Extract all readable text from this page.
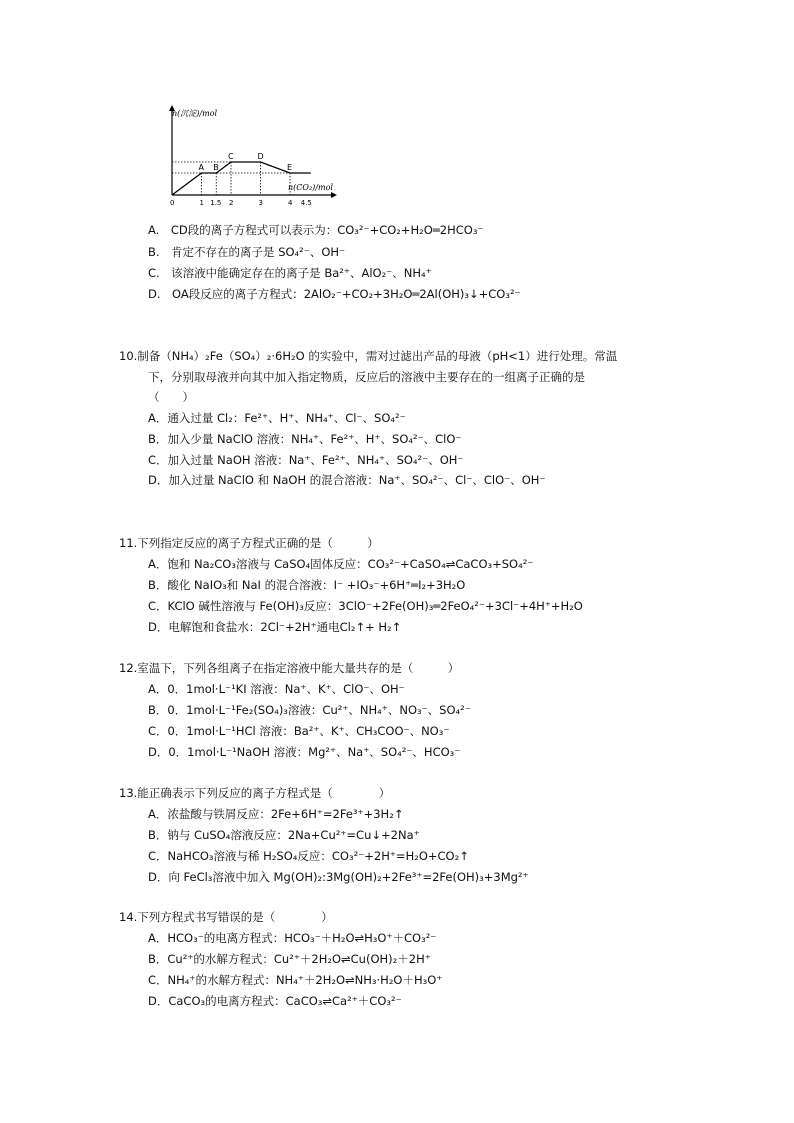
A B
C	D
E
0	1 1.5 2	3	4 4.5
n(沉淀)/mol
n(CO₂)/mol
A.　CD段的离子方程式可以表示为：CO₃²⁻+CO₂+H₂O═2HCO₃⁻
B.　肯定不存在的离子是 SO₄²⁻、OH⁻
C.　该溶液中能确定存在的离子是 Ba²⁺、AlO₂⁻、NH₄⁺
D.　OA段反应的离子方程式：2AlO₂⁻+CO₂+3H₂O═2Al(OH)₃↓+CO₃²⁻
10.制备（NH₄）₂Fe（SO₄）₂·6H₂O 的实验中，需对过滤出产品的母液（pH<1）进行处理。常温
下，分别取母液并向其中加入指定物质，反应后的溶液中主要存在的一组离子正确的是
（　　）
A．通入过量 Cl₂：Fe²⁺、H⁺、NH₄⁺、Cl⁻、SO₄²⁻
B．加入少量 NaClO 溶液：NH₄⁺、Fe²⁺、H⁺、SO₄²⁻、ClO⁻
C．加入过量 NaOH 溶液：Na⁺、Fe²⁺、NH₄⁺、SO₄²⁻、OH⁻
D．加入过量 NaClO 和 NaOH 的混合溶液：Na⁺、SO₄²⁻、Cl⁻、ClO⁻、OH⁻
11.下列指定反应的离子方程式正确的是（　　　）
A．饱和 Na₂CO₃溶液与 CaSO₄固体反应：CO₃²⁻+CaSO₄⇌CaCO₃+SO₄²⁻
B．酸化 NaIO₃和 NaI 的混合溶液：I⁻ +IO₃⁻+6H⁺═I₂+3H₂O
C．KClO 碱性溶液与 Fe(OH)₃反应：3ClO⁻+2Fe(OH)₃═2FeO₄²⁻+3Cl⁻+4H⁺+H₂O
D．电解饱和食盐水：2Cl⁻+2H⁺通电Cl₂↑+ H₂↑
12.室温下，下列各组离子在指定溶液中能大量共存的是（　　　）
A．0．1mol·L⁻¹KI 溶液：Na⁺、K⁺、ClO⁻、OH⁻
B．0．1mol·L⁻¹Fe₂(SO₄)₃溶液：Cu²⁺、NH₄⁺、NO₃⁻、SO₄²⁻
C．0．1mol·L⁻¹HCl 溶液：Ba²⁺、K⁺、CH₃COO⁻、NO₃⁻
D．0．1mol·L⁻¹NaOH 溶液：Mg²⁺、Na⁺、SO₄²⁻、HCO₃⁻
13.能正确表示下列反应的离子方程式是（　　　　）
A．浓盐酸与铁屑反应：2Fe+6H⁺=2Fe³⁺+3H₂↑
B．钠与 CuSO₄溶液反应：2Na+Cu²⁺=Cu↓+2Na⁺
C．NaHCO₃溶液与稀 H₂SO₄反应：CO₃²⁻+2H⁺=H₂O+CO₂↑
D．向 FeCl₃溶液中加入 Mg(OH)₂:3Mg(OH)₂+2Fe³⁺=2Fe(OH)₃+3Mg²⁺
14.下列方程式书写错误的是（　　　　）
A．HCO₃⁻的电离方程式：HCO₃⁻＋H₂O⇌H₃O⁺＋CO₃²⁻
B．Cu²⁺的水解方程式：Cu²⁺＋2H₂O⇌Cu(OH)₂＋2H⁺
C．NH₄⁺的水解方程式：NH₄⁺＋2H₂O⇌NH₃·H₂O＋H₃O⁺
D．CaCO₃的电离方程式：CaCO₃⇌Ca²⁺＋CO₃²⁻
